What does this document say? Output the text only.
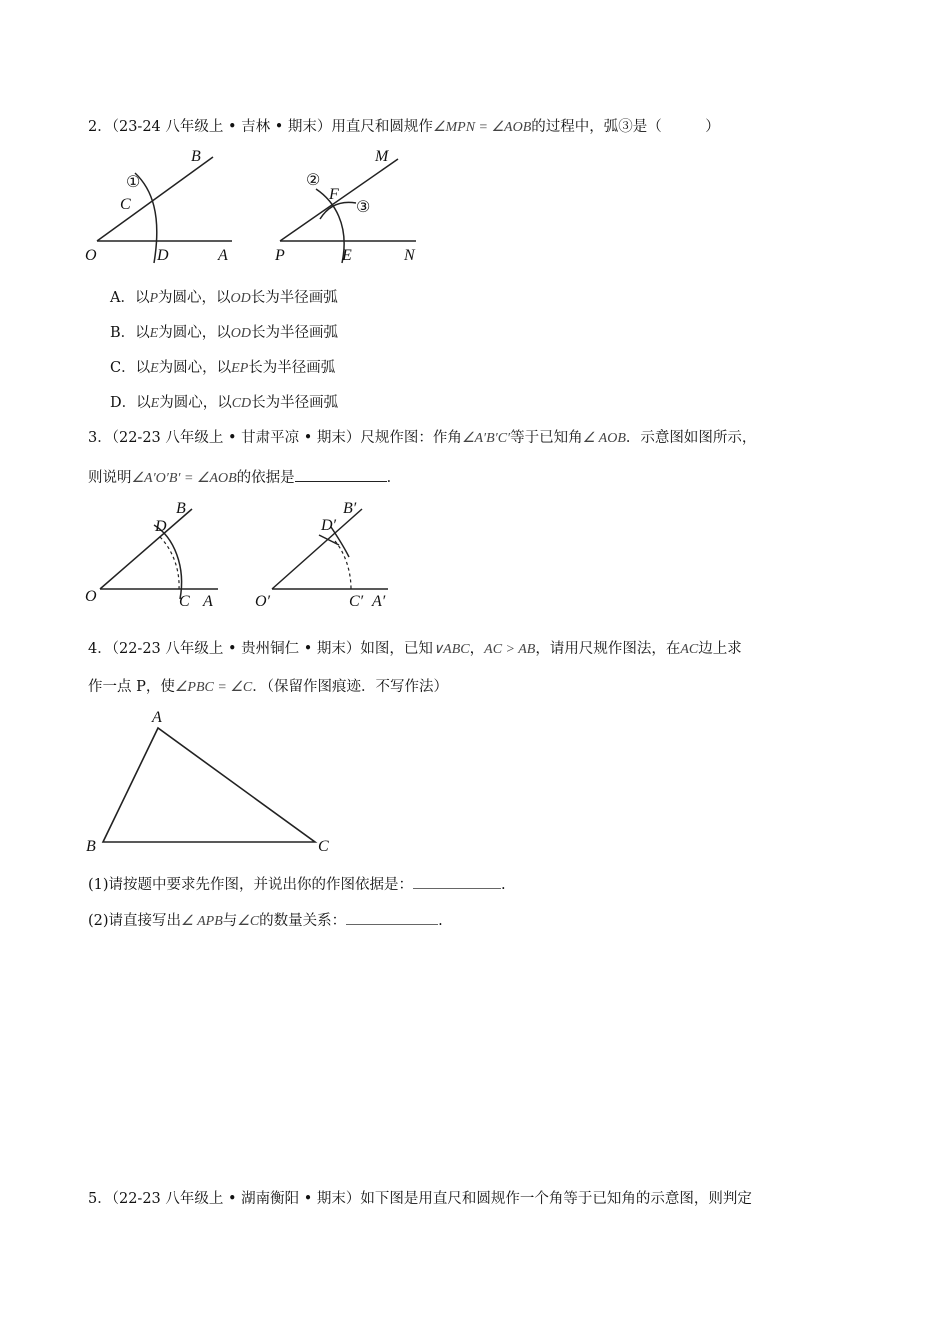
2．（23-24 八年级上 • 吉林 • 期末）用直尺和圆规作∠MPN = ∠AOB的过程中，弧③是（　　　）
B
①
C
O	D	A
M
②
F
③
P	E	N
A．以P为圆心，以OD长为半径画弧
B．以E为圆心，以OD长为半径画弧
C．以E为圆心，以EP长为半径画弧
D．以E为圆心，以CD长为半径画弧
3．（22-23 八年级上 • 甘肃平凉 • 期末）尺规作图：作角∠A′B′C′等于已知角∠ AOB．示意图如图所示，
则说明∠A′O′B′ = ∠AOB的依据是	．
B
D
O	C A
B′
D′
O′	C′ A′
4．（22-23 八年级上 • 贵州铜仁 • 期末）如图，已知∨ABC，AC > AB，请用尺规作图法，在AC边上求
作一点 P，使∠PBC = ∠C．（保留作图痕迹．不写作法）
A
B	C
(1)请按题中要求先作图，并说出你的作图依据是：	.
(2)请直接写出∠ APB与∠C的数量关系：	.
5．（22-23 八年级上 • 湖南衡阳 • 期末）如下图是用直尺和圆规作一个角等于已知角的示意图，则判定
